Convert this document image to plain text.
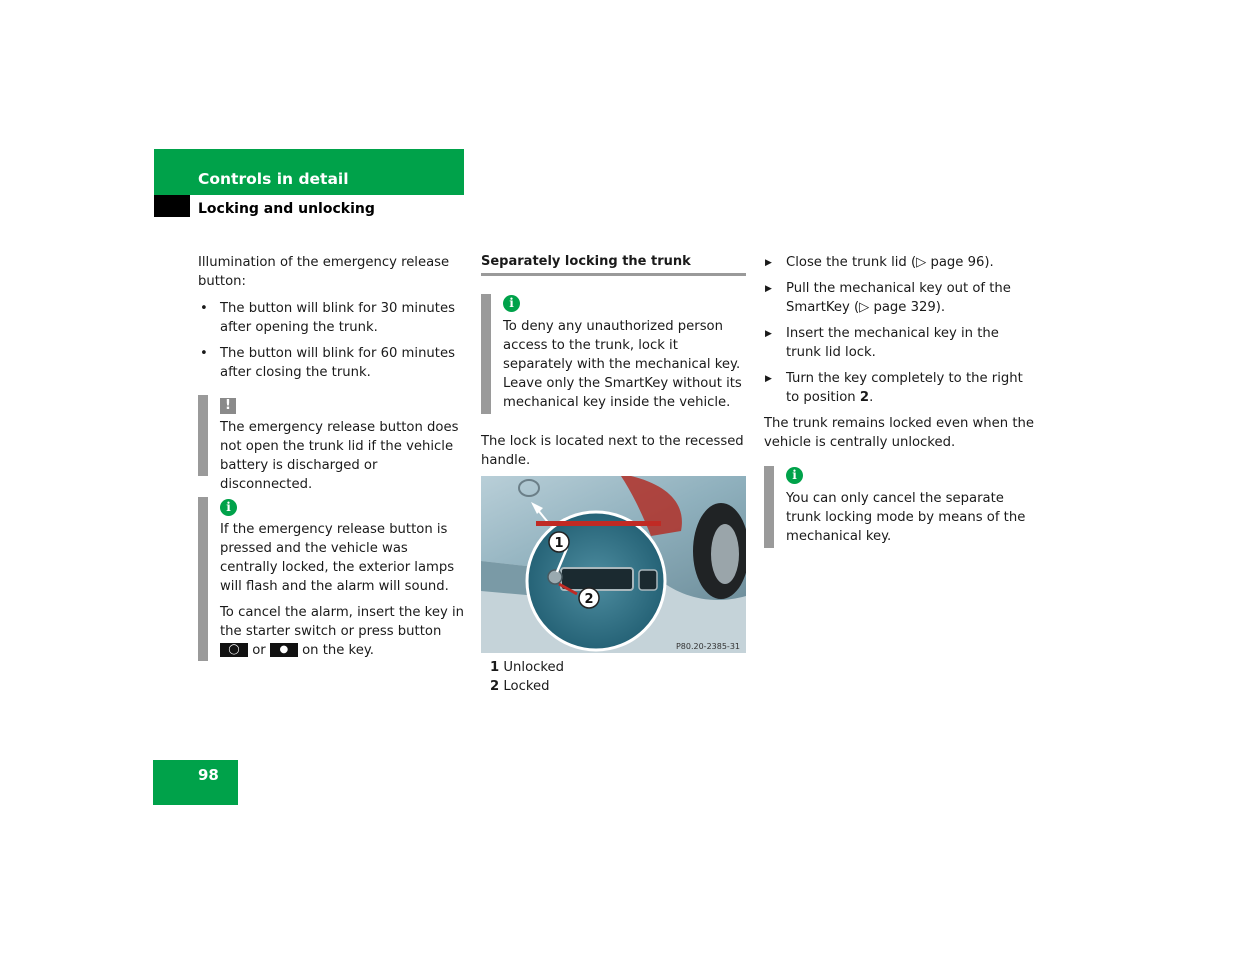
Controls in detail
Locking and unlocking

Illumination of the emergency release button:

• The button will blink for 30 minutes after opening the trunk.
• The button will blink for 60 minutes after closing the trunk.
!

The emergency release button does not open the trunk lid if the vehicle battery is discharged or disconnected.

i

If the emergency release button is pressed and the vehicle was centrally locked, the exterior lamps will flash and the alarm will sound.

To cancel the alarm, insert the key in the starter switch or press button ◯ or ● on the key.

Separately locking the trunk
i

To deny any unauthorized person access to the trunk, lock it separately with the mechanical key. Leave only the SmartKey without its mechanical key inside the vehicle.

The lock is located next to the recessed handle.

1
2
P80.20-2385-31
1 Unlocked
2 Locked
▶ Close the trunk lid (▷ page 96).
▶ Pull the mechanical key out of the SmartKey (▷ page 329).
▶ Insert the mechanical key in the trunk lid lock.
▶ Turn the key completely to the right to position 2.

The trunk remains locked even when the vehicle is centrally unlocked.

i

You can only cancel the separate trunk locking mode by means of the mechanical key.

98
